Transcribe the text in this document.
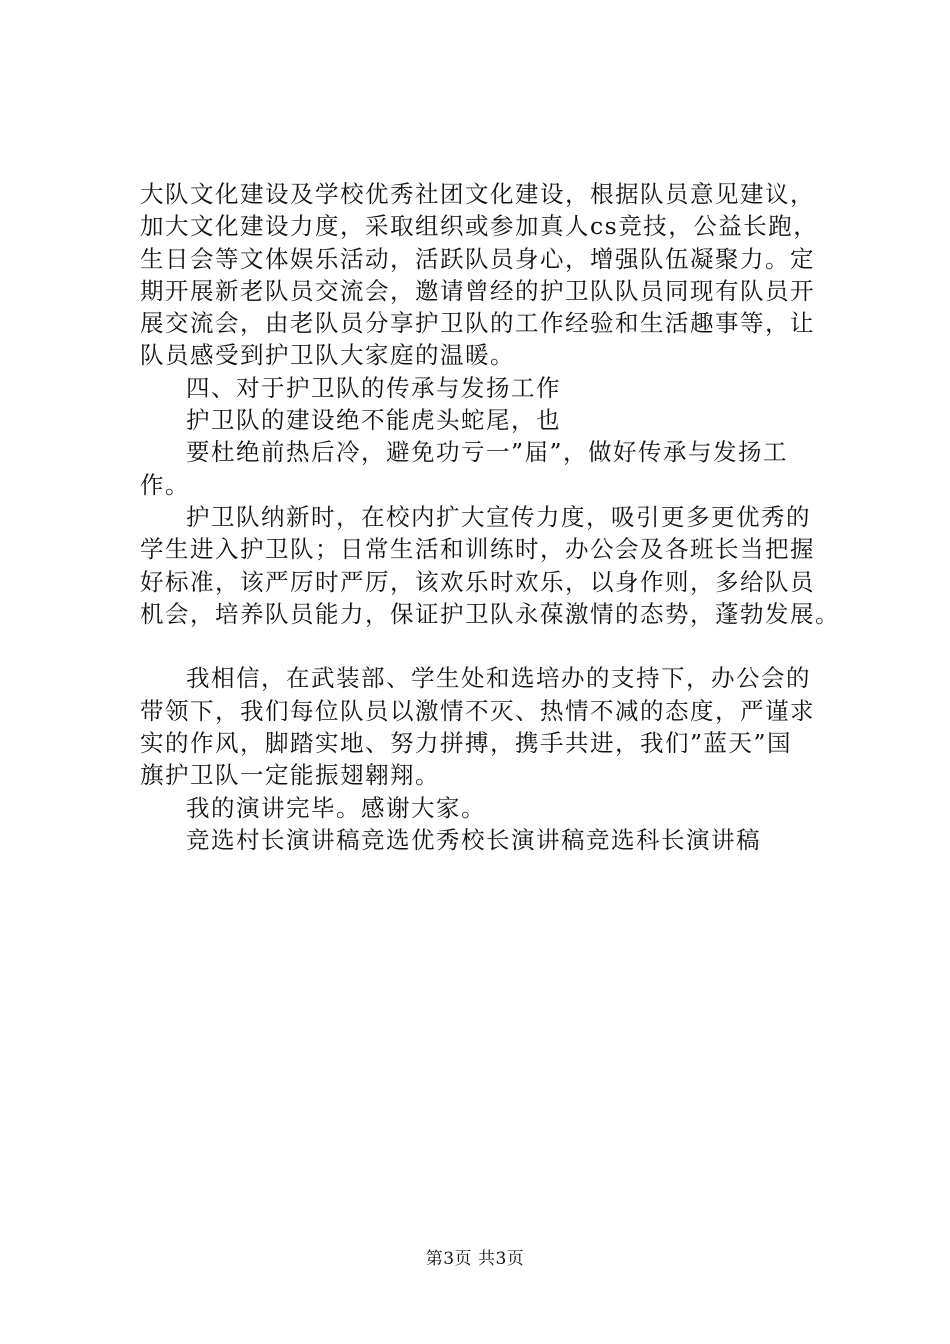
大队文化建设及学校优秀社团文化建设，根据队员意见建议，
加大文化建设力度，采取组织或参加真人cs竞技，公益长跑，
生日会等文体娱乐活动，活跃队员身心，增强队伍凝聚力。定
期开展新老队员交流会，邀请曾经的护卫队队员同现有队员开
展交流会，由老队员分享护卫队的工作经验和生活趣事等，让
队员感受到护卫队大家庭的温暖。
四、对于护卫队的传承与发扬工作
护卫队的建设绝不能虎头蛇尾，也
要杜绝前热后冷，避免功亏一”届”，做好传承与发扬工
作。
护卫队纳新时，在校内扩大宣传力度，吸引更多更优秀的
学生进入护卫队；日常生活和训练时，办公会及各班长当把握
好标准，该严厉时严厉，该欢乐时欢乐，以身作则，多给队员
机会，培养队员能力，保证护卫队永葆激情的态势，蓬勃发展。
我相信，在武装部、学生处和选培办的支持下，办公会的
带领下，我们每位队员以激情不灭、热情不减的态度，严谨求
实的作风，脚踏实地、努力拼搏，携手共进，我们”蓝天”国
旗护卫队一定能振翅翱翔。
我的演讲完毕。感谢大家。
竞选村长演讲稿竞选优秀校长演讲稿竞选科长演讲稿
第3页 共3页
